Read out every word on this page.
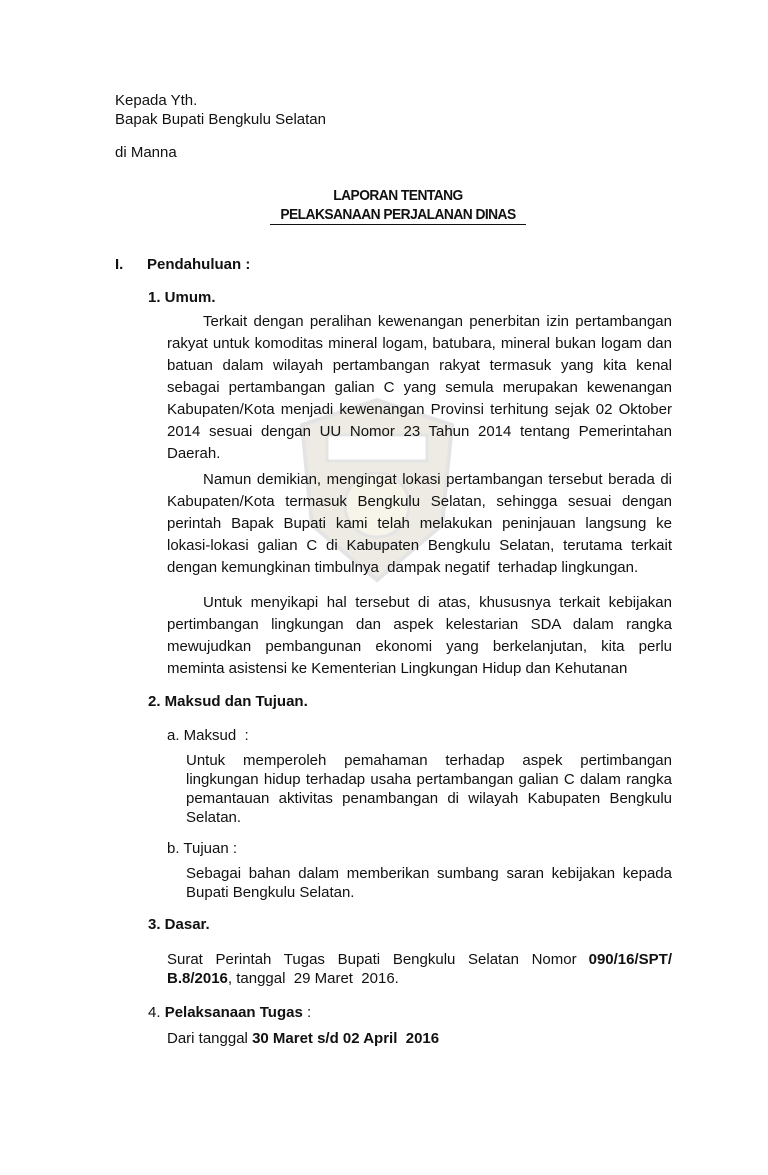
Kepada Yth.
Bapak Bupati Bengkulu Selatan
di Manna
LAPORAN TENTANG
PELAKSANAAN PERJALANAN DINAS
I. Pendahuluan :
1. Umum.
Terkait dengan peralihan kewenangan penerbitan izin pertambangan
rakyat untuk komoditas mineral logam, batubara, mineral bukan logam dan
batuan dalam wilayah pertambangan rakyat termasuk yang kita kenal
sebagai pertambangan galian C yang semula merupakan kewenangan
Kabupaten/Kota menjadi kewenangan Provinsi terhitung sejak 02 Oktober
2014 sesuai dengan UU Nomor 23 Tahun 2014 tentang Pemerintahan
Daerah.
Namun demikian, mengingat lokasi pertambangan tersebut berada di
Kabupaten/Kota termasuk Bengkulu Selatan, sehingga sesuai dengan
perintah Bapak Bupati kami telah melakukan peninjauan langsung ke
lokasi-lokasi galian C di Kabupaten Bengkulu Selatan, terutama terkait
dengan kemungkinan timbulnya  dampak negatif  terhadap lingkungan.
Untuk menyikapi hal tersebut di atas, khususnya terkait kebijakan
pertimbangan lingkungan dan aspek kelestarian SDA dalam rangka
mewujudkan pembangunan ekonomi yang berkelanjutan, kita perlu
meminta asistensi ke Kementerian Lingkungan Hidup dan Kehutanan
2. Maksud dan Tujuan.
a. Maksud  :
Untuk memperoleh pemahaman terhadap aspek pertimbangan
lingkungan hidup terhadap usaha pertambangan galian C dalam rangka
pemantauan aktivitas penambangan di wilayah Kabupaten Bengkulu
Selatan.
b. Tujuan :
Sebagai bahan dalam memberikan sumbang saran kebijakan kepada
Bupati Bengkulu Selatan.
3. Dasar.
Surat Perintah Tugas Bupati Bengkulu Selatan Nomor 090/16/SPT/
B.8/2016, tanggal  29 Maret  2016.
4. Pelaksanaan Tugas :
Dari tanggal 30 Maret s/d 02 April  2016
